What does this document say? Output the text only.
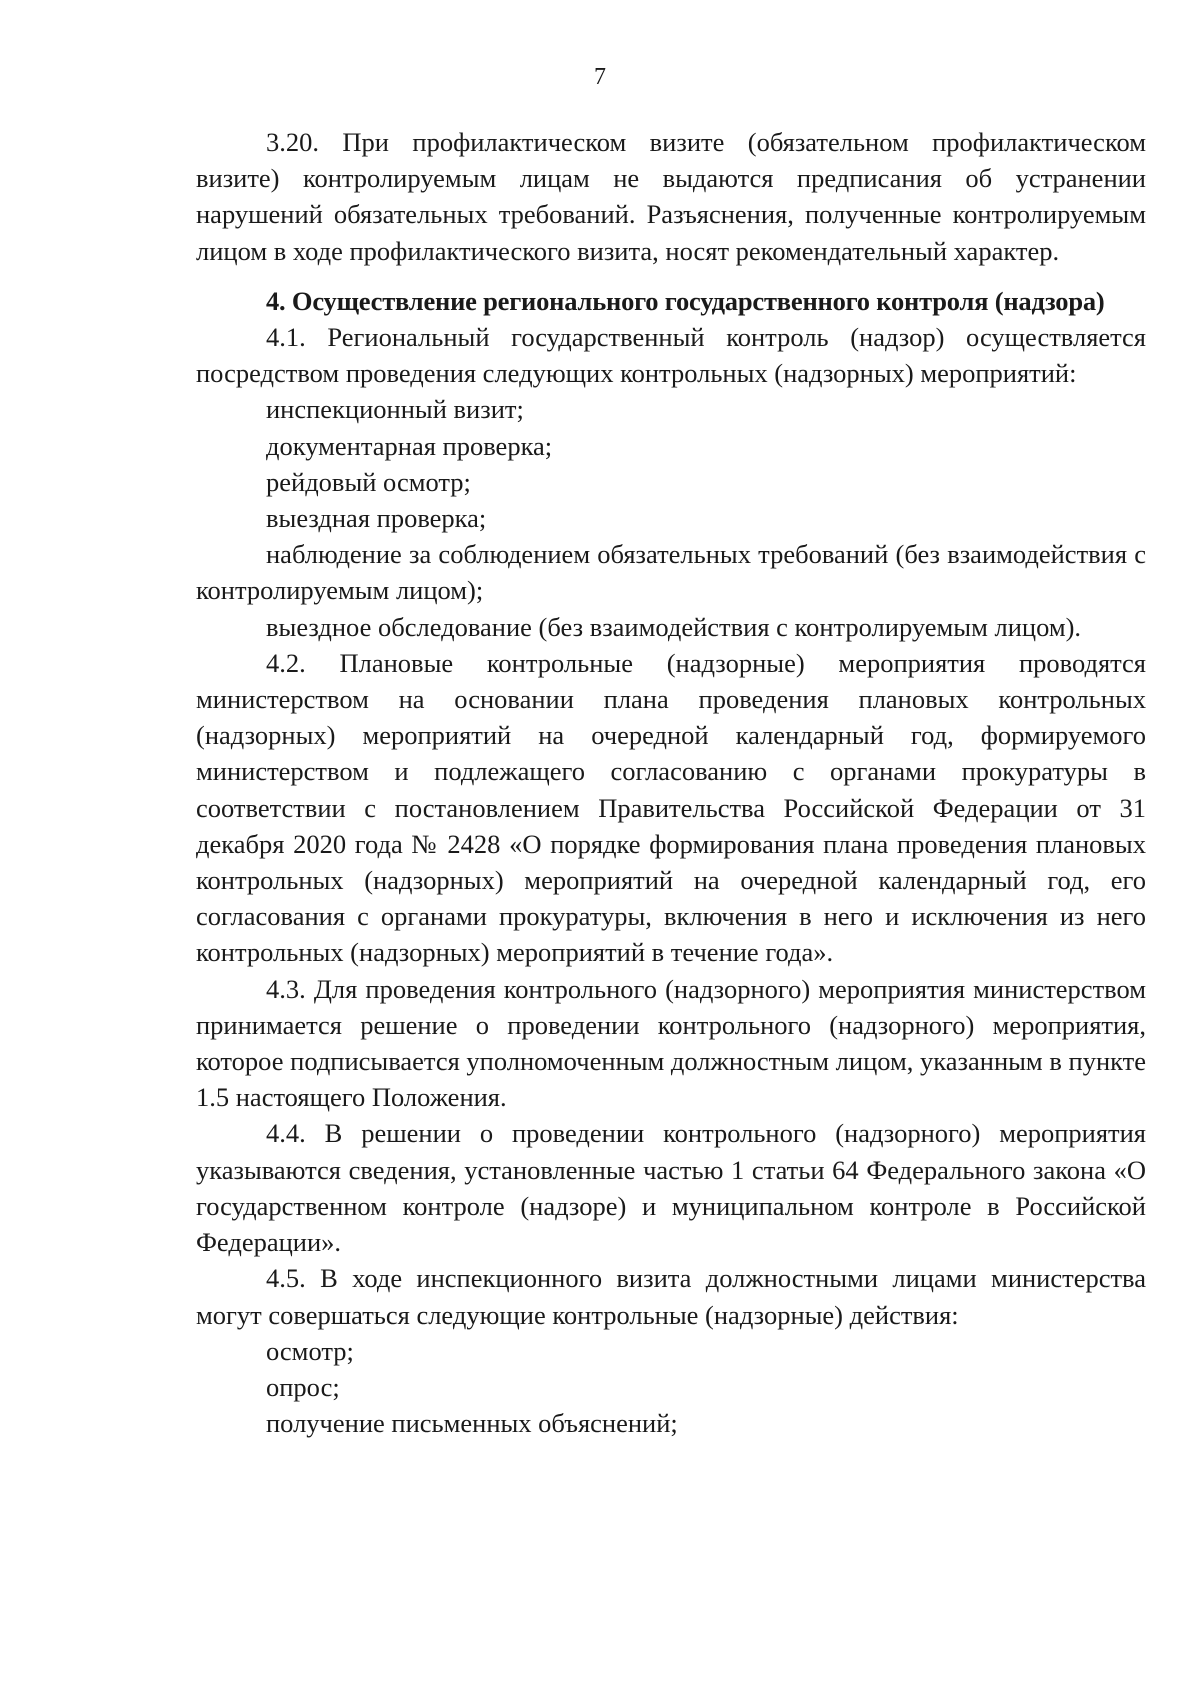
7

3.20. При профилактическом визите (обязательном профилактическом визите) контролируемым лицам не выдаются предписания об устранении нарушений обязательных требований. Разъяснения, полученные контролируемым лицом в ходе профилактического визита, носят рекомендательный характер.

4. Осуществление регионального государственного контроля (надзора)

4.1. Региональный государственный контроль (надзор) осуществляется посредством проведения следующих контрольных (надзорных) мероприятий:

инспекционный визит;

документарная проверка;

рейдовый осмотр;

выездная проверка;

наблюдение за соблюдением обязательных требований (без взаимодействия с контролируемым лицом);

выездное обследование (без взаимодействия с контролируемым лицом).

4.2. Плановые контрольные (надзорные) мероприятия проводятся министерством на основании плана проведения плановых контрольных (надзорных) мероприятий на очередной календарный год, формируемого министерством и подлежащего согласованию с органами прокуратуры в соответствии с постановлением Правительства Российской Федерации от 31 декабря 2020 года № 2428 «О порядке формирования плана проведения плановых контрольных (надзорных) мероприятий на очередной календарный год, его согласования с органами прокуратуры, включения в него и исключения из него контрольных (надзорных) мероприятий в течение года».

4.3. Для проведения контрольного (надзорного) мероприятия министерством принимается решение о проведении контрольного (надзорного) мероприятия, которое подписывается уполномоченным должностным лицом, указанным в пункте 1.5 настоящего Положения.

4.4. В решении о проведении контрольного (надзорного) мероприятия указываются сведения, установленные частью 1 статьи 64 Федерального закона «О государственном контроле (надзоре) и муниципальном контроле в Российской Федерации».

4.5. В ходе инспекционного визита должностными лицами министерства могут совершаться следующие контрольные (надзорные) действия:

осмотр;

опрос;

получение письменных объяснений;
